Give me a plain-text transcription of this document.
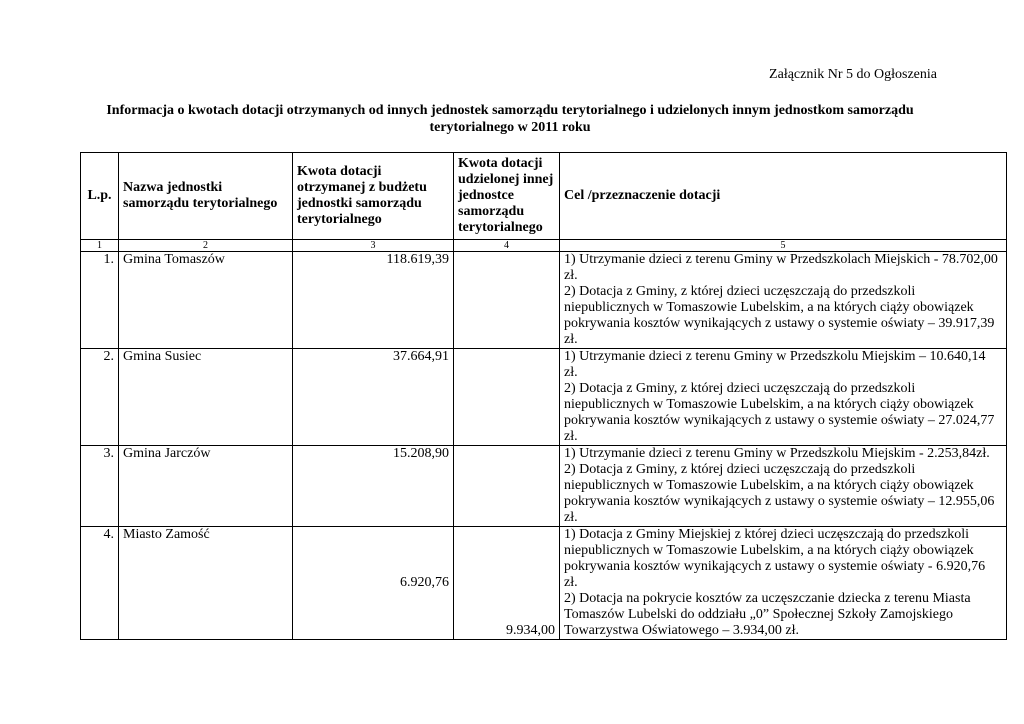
Załącznik Nr 5 do Ogłoszenia
Informacja o kwotach dotacji otrzymanych od innych jednostek samorządu terytorialnego i udzielonych innym jednostkom samorządu
terytorialnego w 2011 roku
L.p.	Nazwa jednostki samorządu terytorialnego	Kwota dotacji otrzymanej z budżetu jednostki samorządu terytorialnego	Kwota dotacji udzielonej innej jednostce samorządu terytorialnego	Cel /przeznaczenie dotacji
1	2	3	4	5
1.	Gmina Tomaszów	118.619,39		1) Utrzymanie dzieci z terenu Gminy w Przedszkolach Miejskich - 78.702,00 zł.
2) Dotacja z Gminy, z której dzieci uczęszczają do przedszkoli niepublicznych w Tomaszowie Lubelskim, a na których ciąży obowiązek pokrywania kosztów wynikających z ustawy o systemie oświaty – 39.917,39 zł.

2.	Gmina Susiec	37.664,91		1) Utrzymanie dzieci z terenu Gminy w Przedszkolu Miejskim – 10.640,14 zł.
2) Dotacja z Gminy, z której dzieci uczęszczają do przedszkoli niepublicznych w Tomaszowie Lubelskim, a na których ciąży obowiązek pokrywania kosztów wynikających z ustawy o systemie oświaty – 27.024,77 zł.

3.	Gmina Jarczów	15.208,90		1) Utrzymanie dzieci z terenu Gminy w Przedszkolu Miejskim - 2.253,84zł.
2) Dotacja z Gminy, z której dzieci uczęszczają do przedszkoli niepublicznych w Tomaszowie Lubelskim, a na których ciąży obowiązek pokrywania kosztów wynikających z ustawy o systemie oświaty – 12.955,06 zł.

4.	Miasto Zamość	6.920,76	9.934,00	1) Dotacja z Gminy Miejskiej z której dzieci uczęszczają do przedszkoli niepublicznych w Tomaszowie Lubelskim, a na których ciąży obowiązek pokrywania kosztów wynikających z ustawy o systemie oświaty - 6.920,76 zł.
2) Dotacja na pokrycie kosztów za uczęszczanie dziecka z terenu Miasta Tomaszów Lubelski do oddziału „0” Społecznej Szkoły Zamojskiego Towarzystwa Oświatowego – 3.934,00 zł.
